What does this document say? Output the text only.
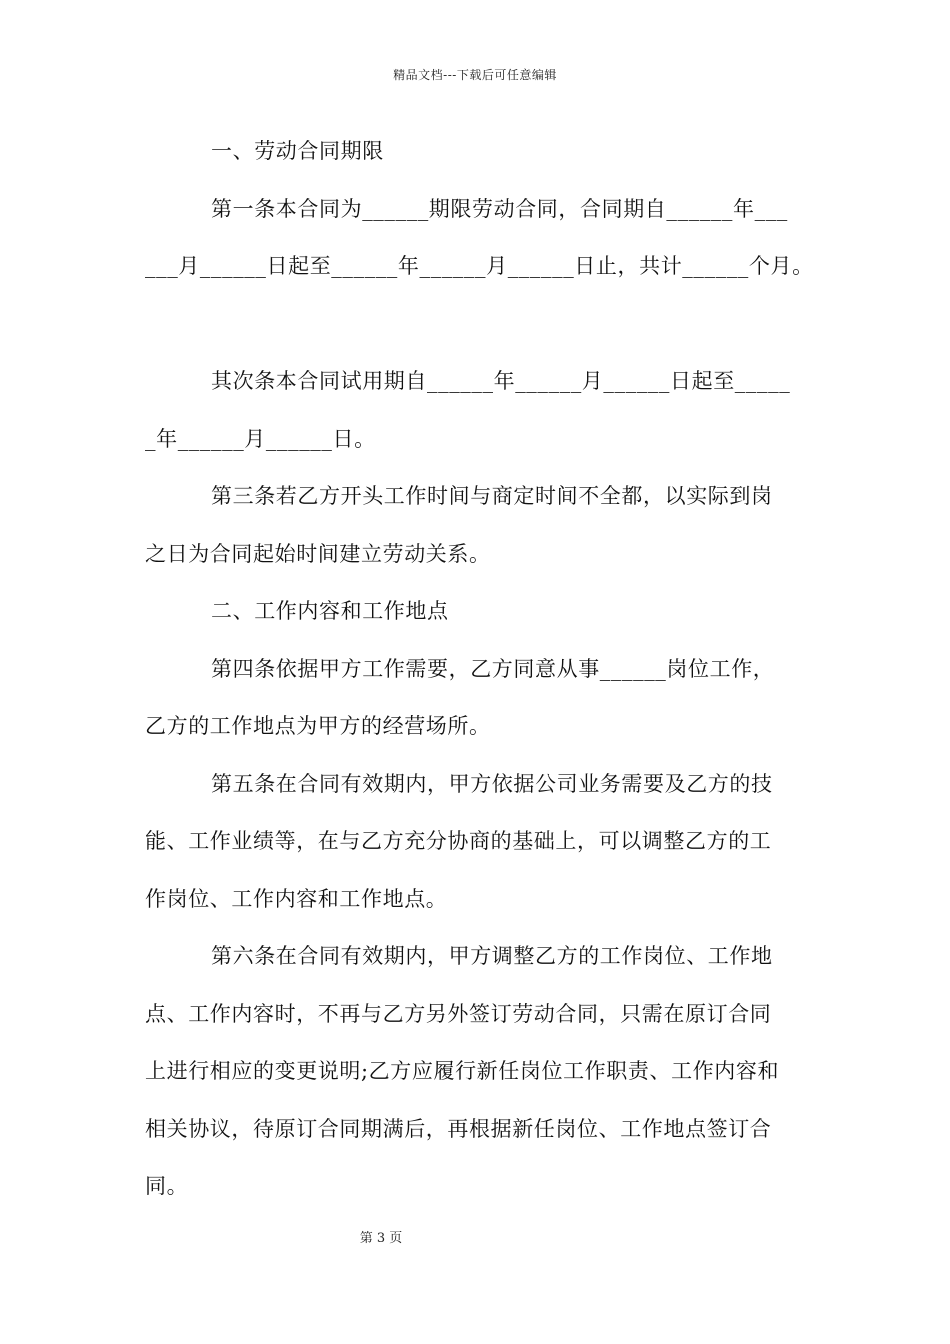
精品文档---下载后可任意编辑
一、劳动合同期限
第一条本合同为______期限劳动合同，合同期自______年___
___月______日起至______年______月______日止，共计______个月。
其次条本合同试用期自______年______月______日起至_____
_年______月______日。
第三条若乙方开头工作时间与商定时间不全都，以实际到岗
之日为合同起始时间建立劳动关系。
二、工作内容和工作地点
第四条依据甲方工作需要，乙方同意从事______岗位工作，
乙方的工作地点为甲方的经营场所。
第五条在合同有效期内，甲方依据公司业务需要及乙方的技
能、工作业绩等，在与乙方充分协商的基础上，可以调整乙方的工
作岗位、工作内容和工作地点。
第六条在合同有效期内，甲方调整乙方的工作岗位、工作地
点、工作内容时，不再与乙方另外签订劳动合同，只需在原订合同
上进行相应的变更说明;乙方应履行新任岗位工作职责、工作内容和
相关协议，待原订合同期满后，再根据新任岗位、工作地点签订合
同。
第 3 页
